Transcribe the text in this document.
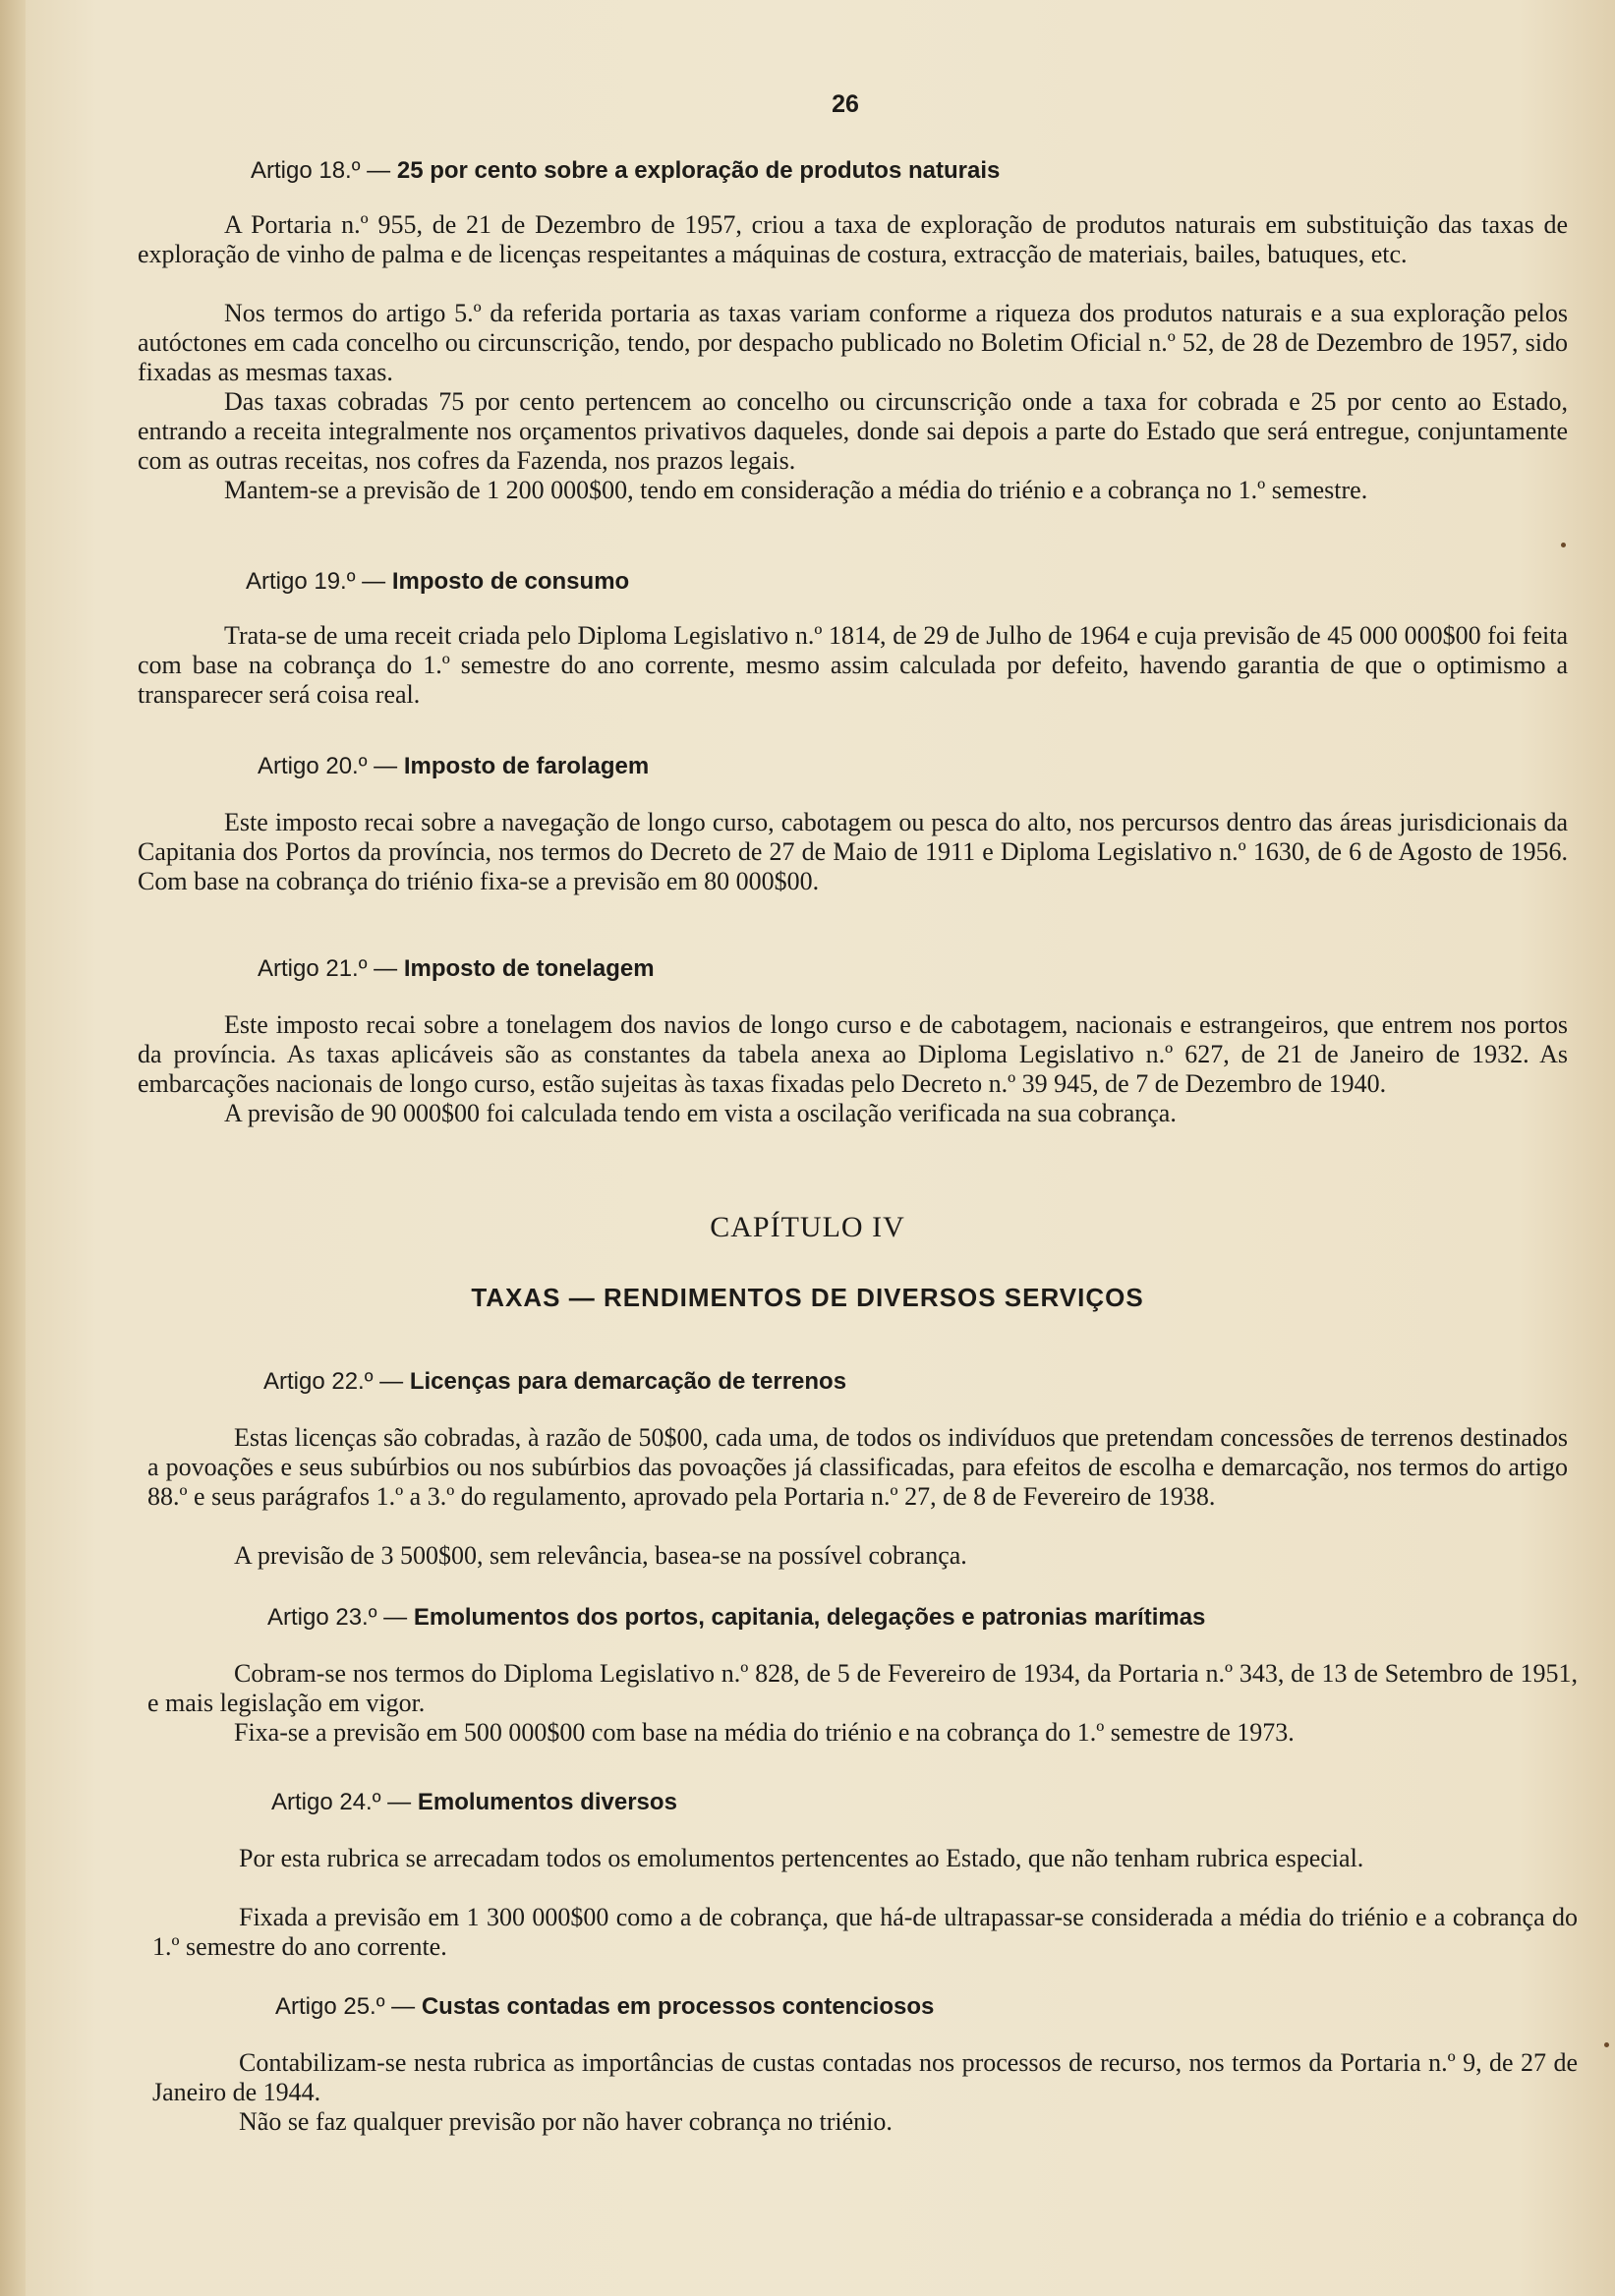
26
Artigo 18.º — 25 por cento sobre a exploração de produtos naturais

A Portaria n.º 955, de 21 de Dezembro de 1957, criou a taxa de exploração de produtos naturais em substituição das taxas de exploração de vinho de palma e de licenças respeitantes a máquinas de costura, extracção de materiais, bailes, batuques, etc.

Nos termos do artigo 5.º da referida portaria as taxas variam conforme a riqueza dos produtos naturais e a sua exploração pelos autóctones em cada concelho ou circunscrição, tendo, por despacho publicado no Boletim Oficial n.º 52, de 28 de Dezembro de 1957, sido fixadas as mesmas taxas.

Das taxas cobradas 75 por cento pertencem ao concelho ou circunscrição onde a taxa for cobrada e 25 por cento ao Estado, entrando a receita integralmente nos orçamentos privativos daqueles, donde sai depois a parte do Estado que será entregue, conjuntamente com as outras receitas, nos cofres da Fazenda, nos prazos legais.

Mantem-se a previsão de 1 200 000$00, tendo em consideração a média do triénio e a cobrança no 1.º semestre.

Artigo 19.º — Imposto de consumo

Trata-se de uma receit criada pelo Diploma Legislativo n.º 1814, de 29 de Julho de 1964 e cuja previsão de 45 000 000$00 foi feita com base na cobrança do 1.º semestre do ano corrente, mesmo assim calculada por defeito, havendo garantia de que o optimismo a transparecer será coisa real.

Artigo 20.º — Imposto de farolagem

Este imposto recai sobre a navegação de longo curso, cabotagem ou pesca do alto, nos percursos dentro das áreas jurisdicionais da Capitania dos Portos da província, nos termos do Decreto de 27 de Maio de 1911 e Diploma Legislativo n.º 1630, de 6 de Agosto de 1956. Com base na cobrança do triénio fixa-se a previsão em 80 000$00.

Artigo 21.º — Imposto de tonelagem

Este imposto recai sobre a tonelagem dos navios de longo curso e de cabotagem, nacionais e estrangeiros, que entrem nos portos da província. As taxas aplicáveis são as constantes da tabela anexa ao Diploma Legislativo n.º 627, de 21 de Janeiro de 1932. As embarcações nacionais de longo curso, estão sujeitas às taxas fixadas pelo Decreto n.º 39 945, de 7 de Dezembro de 1940.

A previsão de 90 000$00 foi calculada tendo em vista a oscilação verificada na sua cobrança.

CAPÍTULO IV
TAXAS — RENDIMENTOS DE DIVERSOS SERVIÇOS
Artigo 22.º — Licenças para demarcação de terrenos

Estas licenças são cobradas, à razão de 50$00, cada uma, de todos os indivíduos que pretendam concessões de terrenos destinados a povoações e seus subúrbios ou nos subúrbios das povoações já classificadas, para efeitos de escolha e demarcação, nos termos do artigo 88.º e seus parágrafos 1.º a 3.º do regulamento, aprovado pela Portaria n.º 27, de 8 de Fevereiro de 1938.

A previsão de 3 500$00, sem relevância, basea-se na possível cobrança.

Artigo 23.º — Emolumentos dos portos, capitania, delegações e patronias marítimas

Cobram-se nos termos do Diploma Legislativo n.º 828, de 5 de Fevereiro de 1934, da Portaria n.º 343, de 13 de Setembro de 1951, e mais legislação em vigor.

Fixa-se a previsão em 500 000$00 com base na média do triénio e na cobrança do 1.º semestre de 1973.

Artigo 24.º — Emolumentos diversos

Por esta rubrica se arrecadam todos os emolumentos pertencentes ao Estado, que não tenham rubrica especial.

Fixada a previsão em 1 300 000$00 como a de cobrança, que há-de ultrapassar-se considerada a média do triénio e a cobrança do 1.º semestre do ano corrente.

Artigo 25.º — Custas contadas em processos contenciosos

Contabilizam-se nesta rubrica as importâncias de custas contadas nos processos de recurso, nos termos da Portaria n.º 9, de 27 de Janeiro de 1944.

Não se faz qualquer previsão por não haver cobrança no triénio.
